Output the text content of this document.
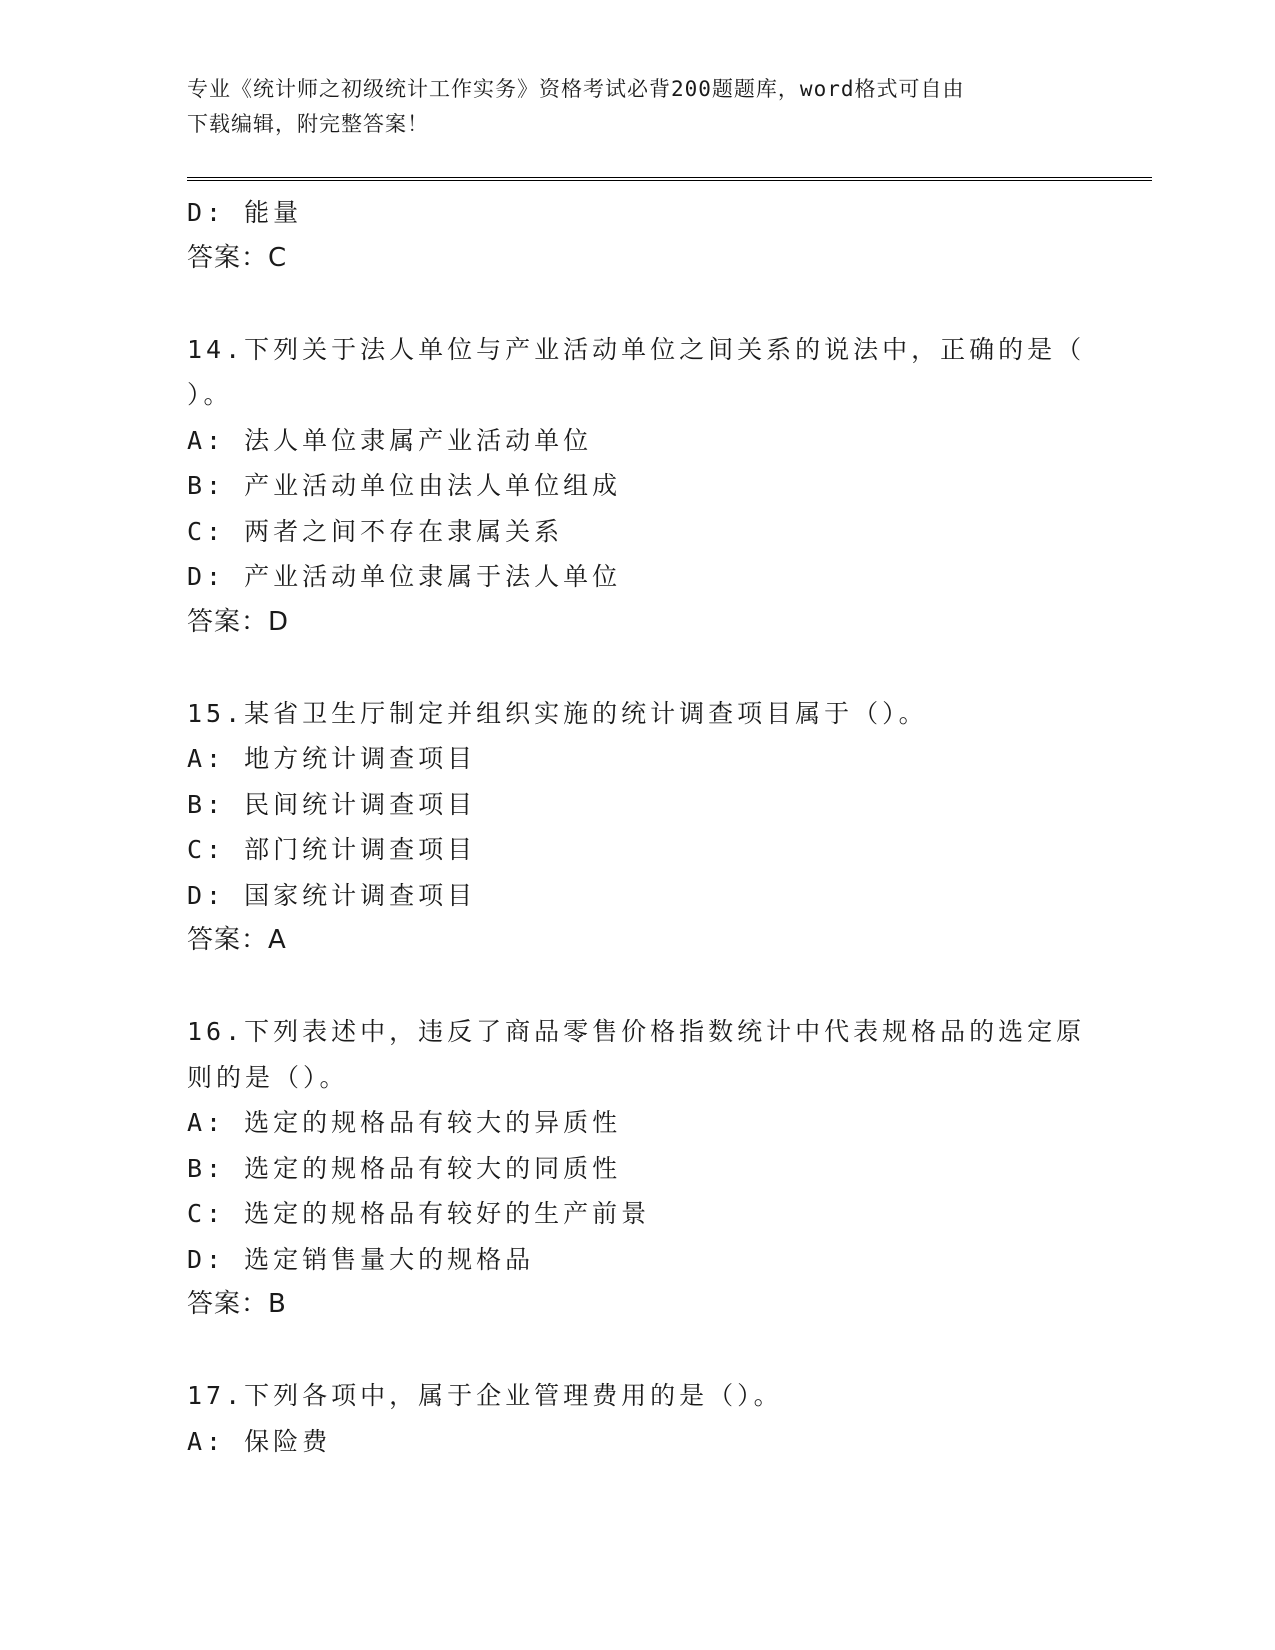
专业《统计师之初级统计工作实务》资格考试必背200题题库，word格式可自由
下载编辑，附完整答案！
D: 能量
答案：C
14.下列关于法人单位与产业活动单位之间关系的说法中，正确的是（
）。
A: 法人单位隶属产业活动单位
B: 产业活动单位由法人单位组成
C: 两者之间不存在隶属关系
D: 产业活动单位隶属于法人单位
答案：D
15.某省卫生厅制定并组织实施的统计调查项目属于（）。
A: 地方统计调查项目
B: 民间统计调查项目
C: 部门统计调查项目
D: 国家统计调查项目
答案：A
16.下列表述中，违反了商品零售价格指数统计中代表规格品的选定原
则的是（）。
A: 选定的规格品有较大的异质性
B: 选定的规格品有较大的同质性
C: 选定的规格品有较好的生产前景
D: 选定销售量大的规格品
答案：B
17.下列各项中，属于企业管理费用的是（）。
A: 保险费
